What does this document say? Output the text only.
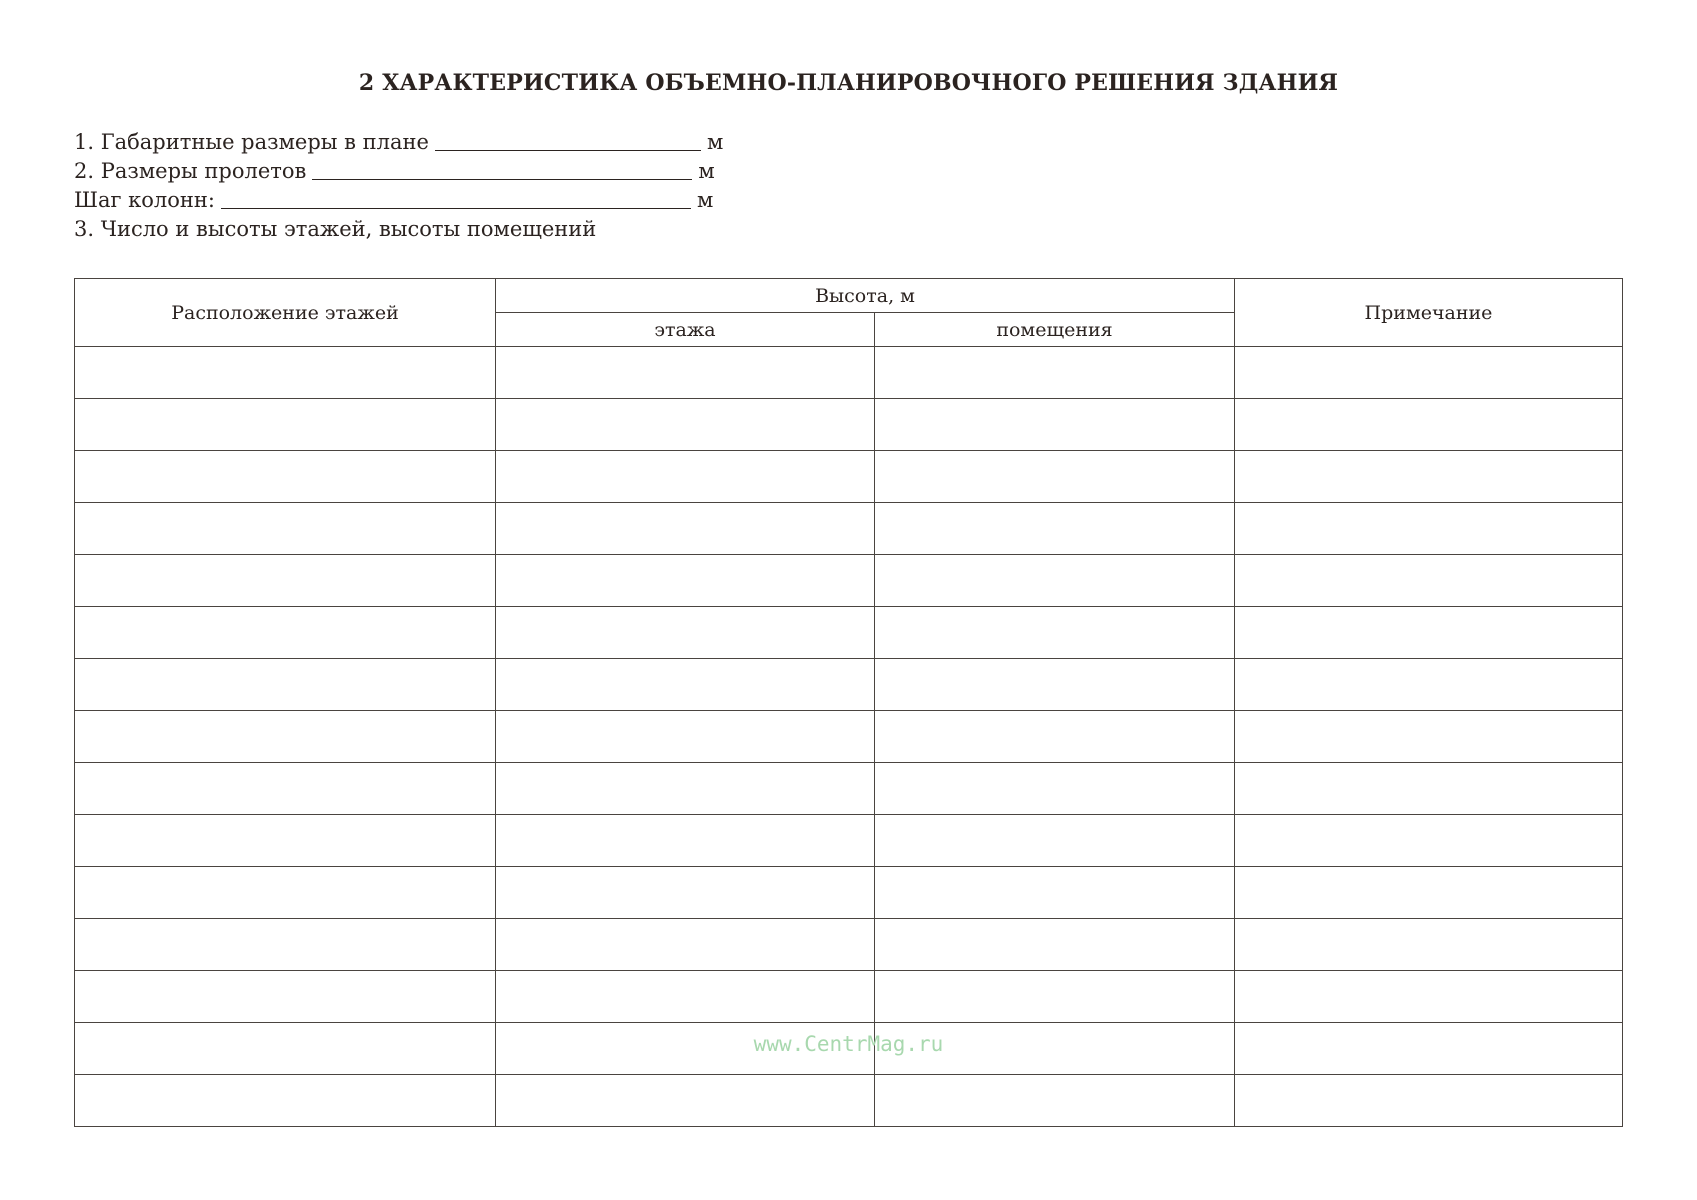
2 ХАРАКТЕРИСТИКА ОБЪЕМНО-ПЛАНИРОВОЧНОГО РЕШЕНИЯ ЗДАНИЯ
1. Габаритные размеры в плане	м
2. Размеры пролетов	м
Шаг колонн:	м
3. Число и высоты этажей, высоты помещений
Расположение этажей	Высота, м		Примечание
	этажа	помещения	

www.CentrMag.ru
